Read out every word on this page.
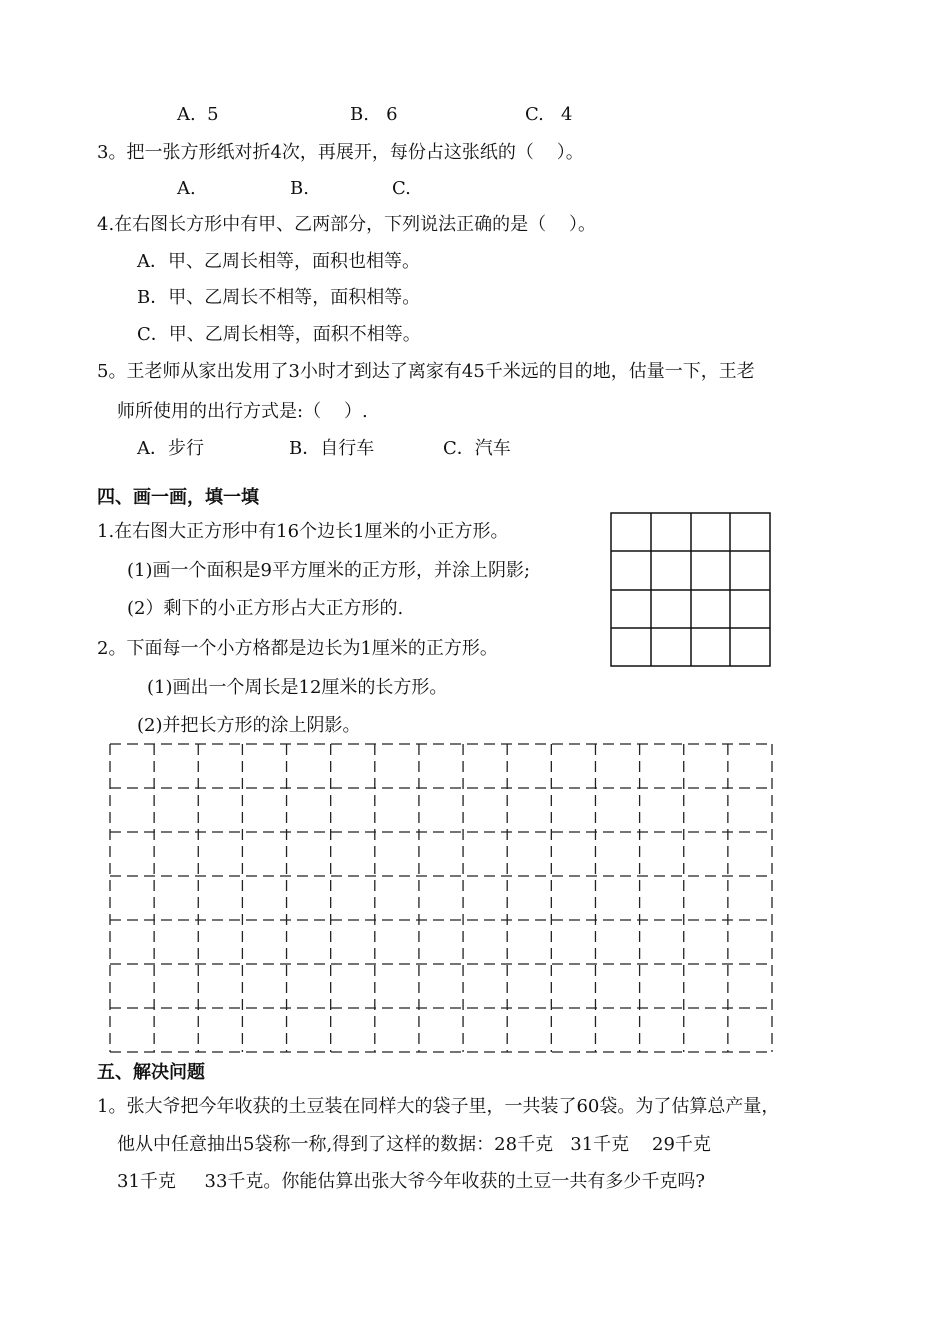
A.  5	B.   6	C.   4
3。把一张方形纸对折4次，再展开，每份占这张纸的（    ）。
A.	B.	C.
4.在右图长方形中有甲、乙两部分，下列说法正确的是（    ）。
A．甲、乙周长相等，面积也相等。
B．甲、乙周长不相等，面积相等。
C．甲、乙周长相等，面积不相等。
5。王老师从家出发用了3小时才到达了离家有45千米远的目的地，估量一下，王老
师所使用的出行方式是:（    ）.
A．步行	B．自行车	C．汽车
四、画一画，填一填
1.在右图大正方形中有16个边长1厘米的小正方形。
(1)画一个面积是9平方厘米的正方形，并涂上阴影;
(2）剩下的小正方形占大正方形的.
2。下面每一个小方格都是边长为1厘米的正方形。
(1)画出一个周长是12厘米的长方形。
(2)并把长方形的涂上阴影。
五、解决问题
1。张大爷把今年收获的土豆装在同样大的袋子里，一共装了60袋。为了估算总产量，
他从中任意抽出5袋称一称,得到了这样的数据：28千克   31千克    29千克
31千克     33千克。你能估算出张大爷今年收获的土豆一共有多少千克吗?
